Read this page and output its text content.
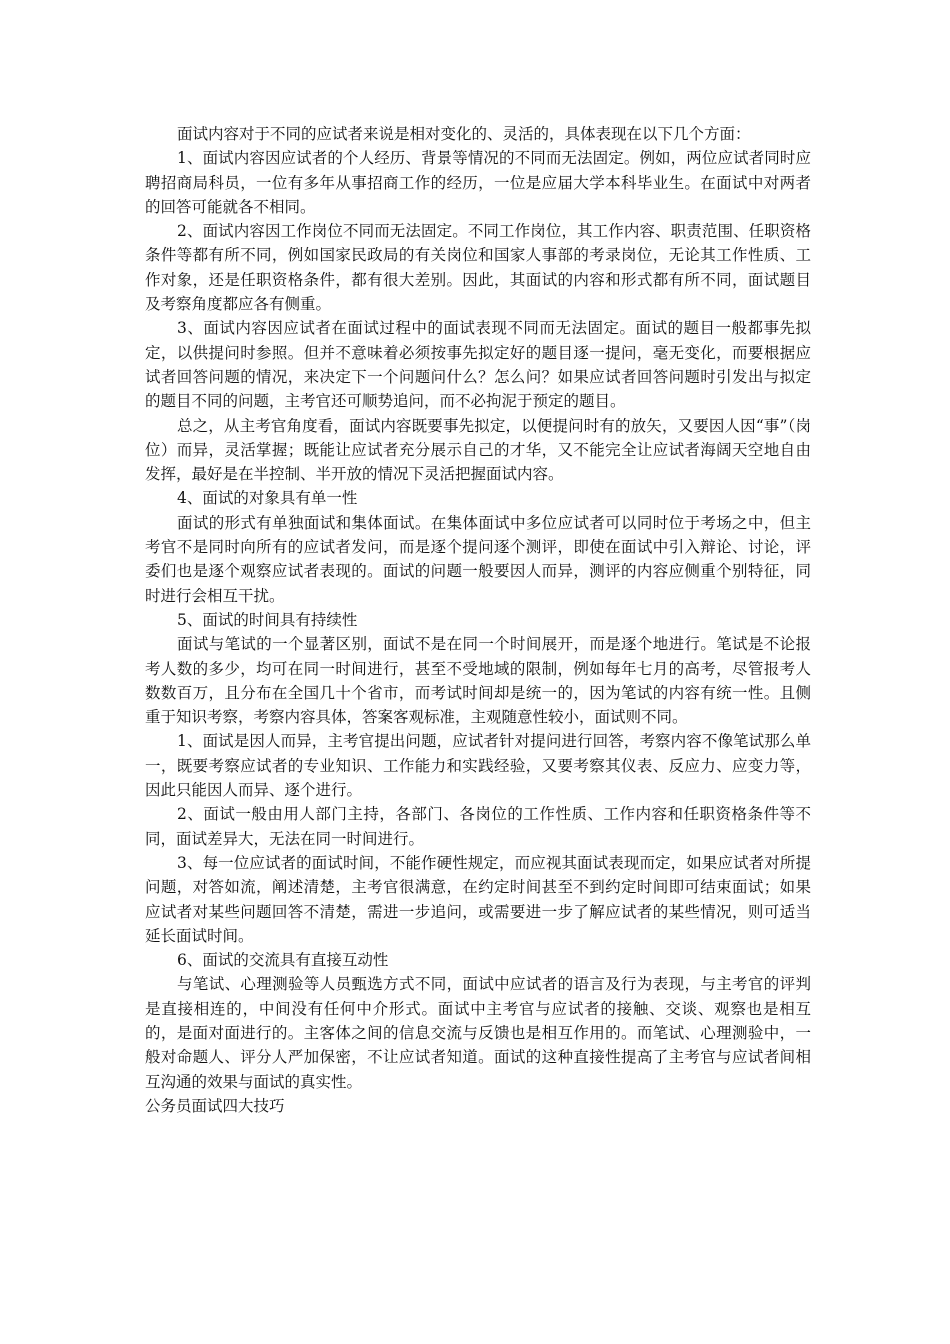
面试内容对于不同的应试者来说是相对变化的、灵活的，具体表现在以下几个方面：

1、面试内容因应试者的个人经历、背景等情况的不同而无法固定。例如，两位应试者同时应聘招商局科员，一位有多年从事招商工作的经历，一位是应届大学本科毕业生。在面试中对两者的回答可能就各不相同。

2、面试内容因工作岗位不同而无法固定。不同工作岗位，其工作内容、职责范围、任职资格条件等都有所不同，例如国家民政局的有关岗位和国家人事部的考录岗位，无论其工作性质、工作对象，还是任职资格条件，都有很大差别。因此，其面试的内容和形式都有所不同，面试题目及考察角度都应各有侧重。

3、面试内容因应试者在面试过程中的面试表现不同而无法固定。面试的题目一般都事先拟定，以供提问时参照。但并不意味着必须按事先拟定好的题目逐一提问，毫无变化，而要根据应试者回答问题的情况，来决定下一个问题问什么？怎么问？如果应试者回答问题时引发出与拟定的题目不同的问题，主考官还可顺势追问，而不必拘泥于预定的题目。

总之，从主考官角度看，面试内容既要事先拟定，以便提问时有的放矢，又要因人因“事”（岗位）而异，灵活掌握；既能让应试者充分展示自己的才华，又不能完全让应试者海阔天空地自由发挥，最好是在半控制、半开放的情况下灵活把握面试内容。

4、面试的对象具有单一性

面试的形式有单独面试和集体面试。在集体面试中多位应试者可以同时位于考场之中，但主考官不是同时向所有的应试者发问，而是逐个提问逐个测评，即使在面试中引入辩论、讨论，评委们也是逐个观察应试者表现的。面试的问题一般要因人而异，测评的内容应侧重个别特征，同时进行会相互干扰。

5、面试的时间具有持续性

面试与笔试的一个显著区别，面试不是在同一个时间展开，而是逐个地进行。笔试是不论报考人数的多少，均可在同一时间进行，甚至不受地域的限制，例如每年七月的高考，尽管报考人数数百万，且分布在全国几十个省市，而考试时间却是统一的，因为笔试的内容有统一性。且侧重于知识考察，考察内容具体，答案客观标准，主观随意性较小，面试则不同。

1、面试是因人而异，主考官提出问题，应试者针对提问进行回答，考察内容不像笔试那么单一，既要考察应试者的专业知识、工作能力和实践经验，又要考察其仪表、反应力、应变力等，因此只能因人而异、逐个进行。

2、面试一般由用人部门主持，各部门、各岗位的工作性质、工作内容和任职资格条件等不同，面试差异大，无法在同一时间进行。

3、每一位应试者的面试时间，不能作硬性规定，而应视其面试表现而定，如果应试者对所提问题，对答如流，阐述清楚，主考官很满意，在约定时间甚至不到约定时间即可结束面试；如果应试者对某些问题回答不清楚，需进一步追问，或需要进一步了解应试者的某些情况，则可适当延长面试时间。

6、面试的交流具有直接互动性

与笔试、心理测验等人员甄选方式不同，面试中应试者的语言及行为表现，与主考官的评判是直接相连的，中间没有任何中介形式。面试中主考官与应试者的接触、交谈、观察也是相互的，是面对面进行的。主客体之间的信息交流与反馈也是相互作用的。而笔试、心理测验中，一般对命题人、评分人严加保密，不让应试者知道。面试的这种直接性提高了主考官与应试者间相互沟通的效果与面试的真实性。

公务员面试四大技巧
